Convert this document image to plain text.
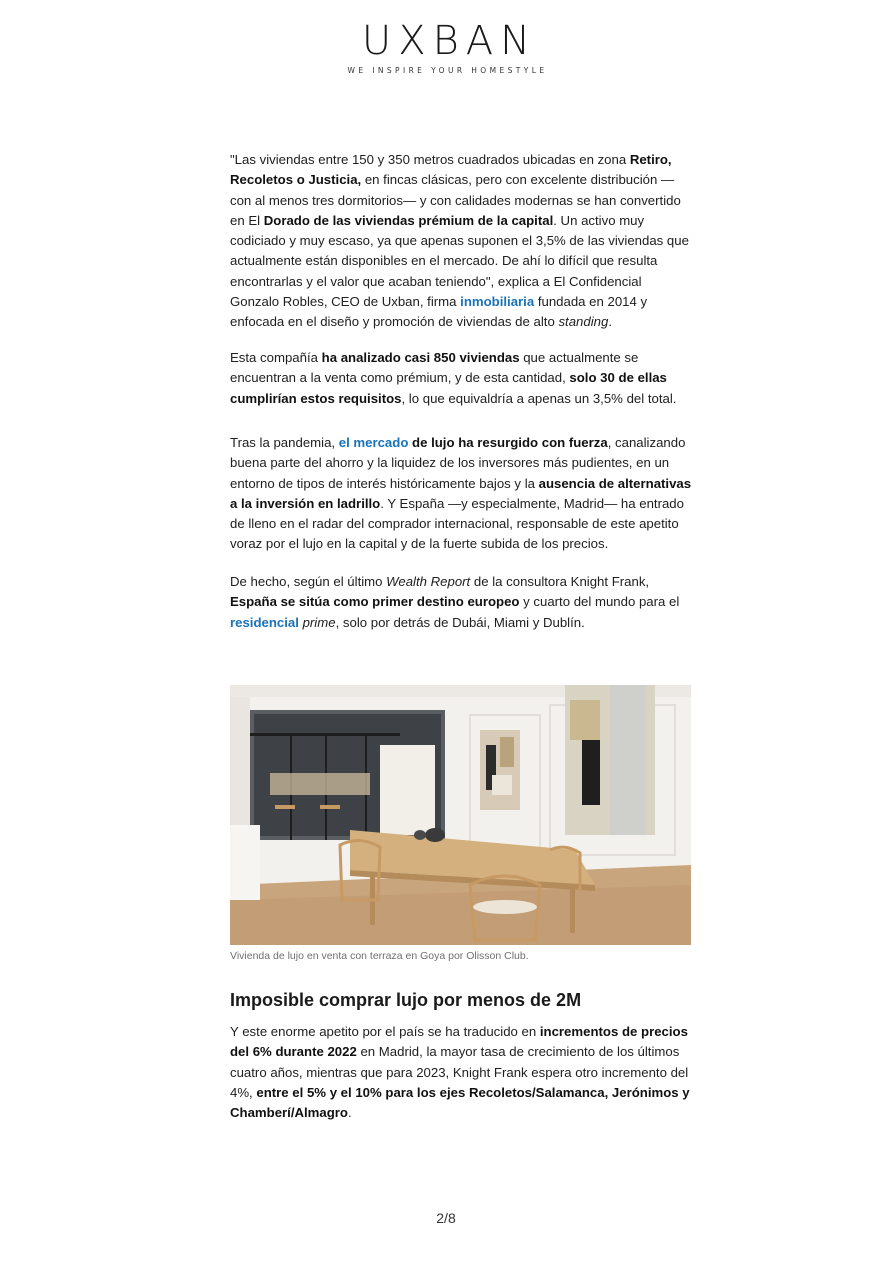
UXBAN
WE INSPIRE YOUR HOMESTYLE

"Las viviendas entre 150 y 350 metros cuadrados ubicadas en zona Retiro, Recoletos o Justicia, en fincas clásicas, pero con excelente distribución —con al menos tres dormitorios— y con calidades modernas se han convertido en El Dorado de las viviendas prémium de la capital. Un activo muy codiciado y muy escaso, ya que apenas suponen el 3,5% de las viviendas que actualmente están disponibles en el mercado. De ahí lo difícil que resulta encontrarlas y el valor que acaban teniendo", explica a El Confidencial Gonzalo Robles, CEO de Uxban, firma inmobiliaria fundada en 2014 y enfocada en el diseño y promoción de viviendas de alto standing.

Esta compañía ha analizado casi 850 viviendas que actualmente se encuentran a la venta como prémium, y de esta cantidad, solo 30 de ellas cumplirían estos requisitos, lo que equivaldría a apenas un 3,5% del total.

Tras la pandemia, el mercado de lujo ha resurgido con fuerza, canalizando buena parte del ahorro y la liquidez de los inversores más pudientes, en un entorno de tipos de interés históricamente bajos y la ausencia de alternativas a la inversión en ladrillo. Y España —y especialmente, Madrid— ha entrado de lleno en el radar del comprador internacional, responsable de este apetito voraz por el lujo en la capital y de la fuerte subida de los precios.

De hecho, según el último Wealth Report de la consultora Knight Frank, España se sitúa como primer destino europeo y cuarto del mundo para el residencial prime, solo por detrás de Dubái, Miami y Dublín.

Vivienda de lujo en venta con terraza en Goya por Olisson Club.
Imposible comprar lujo por menos de 2M

Y este enorme apetito por el país se ha traducido en incrementos de precios del 6% durante 2022 en Madrid, la mayor tasa de crecimiento de los últimos cuatro años, mientras que para 2023, Knight Frank espera otro incremento del 4%, entre el 5% y el 10% para los ejes Recoletos/Salamanca, Jerónimos y Chamberí/Almagro.

2/8
